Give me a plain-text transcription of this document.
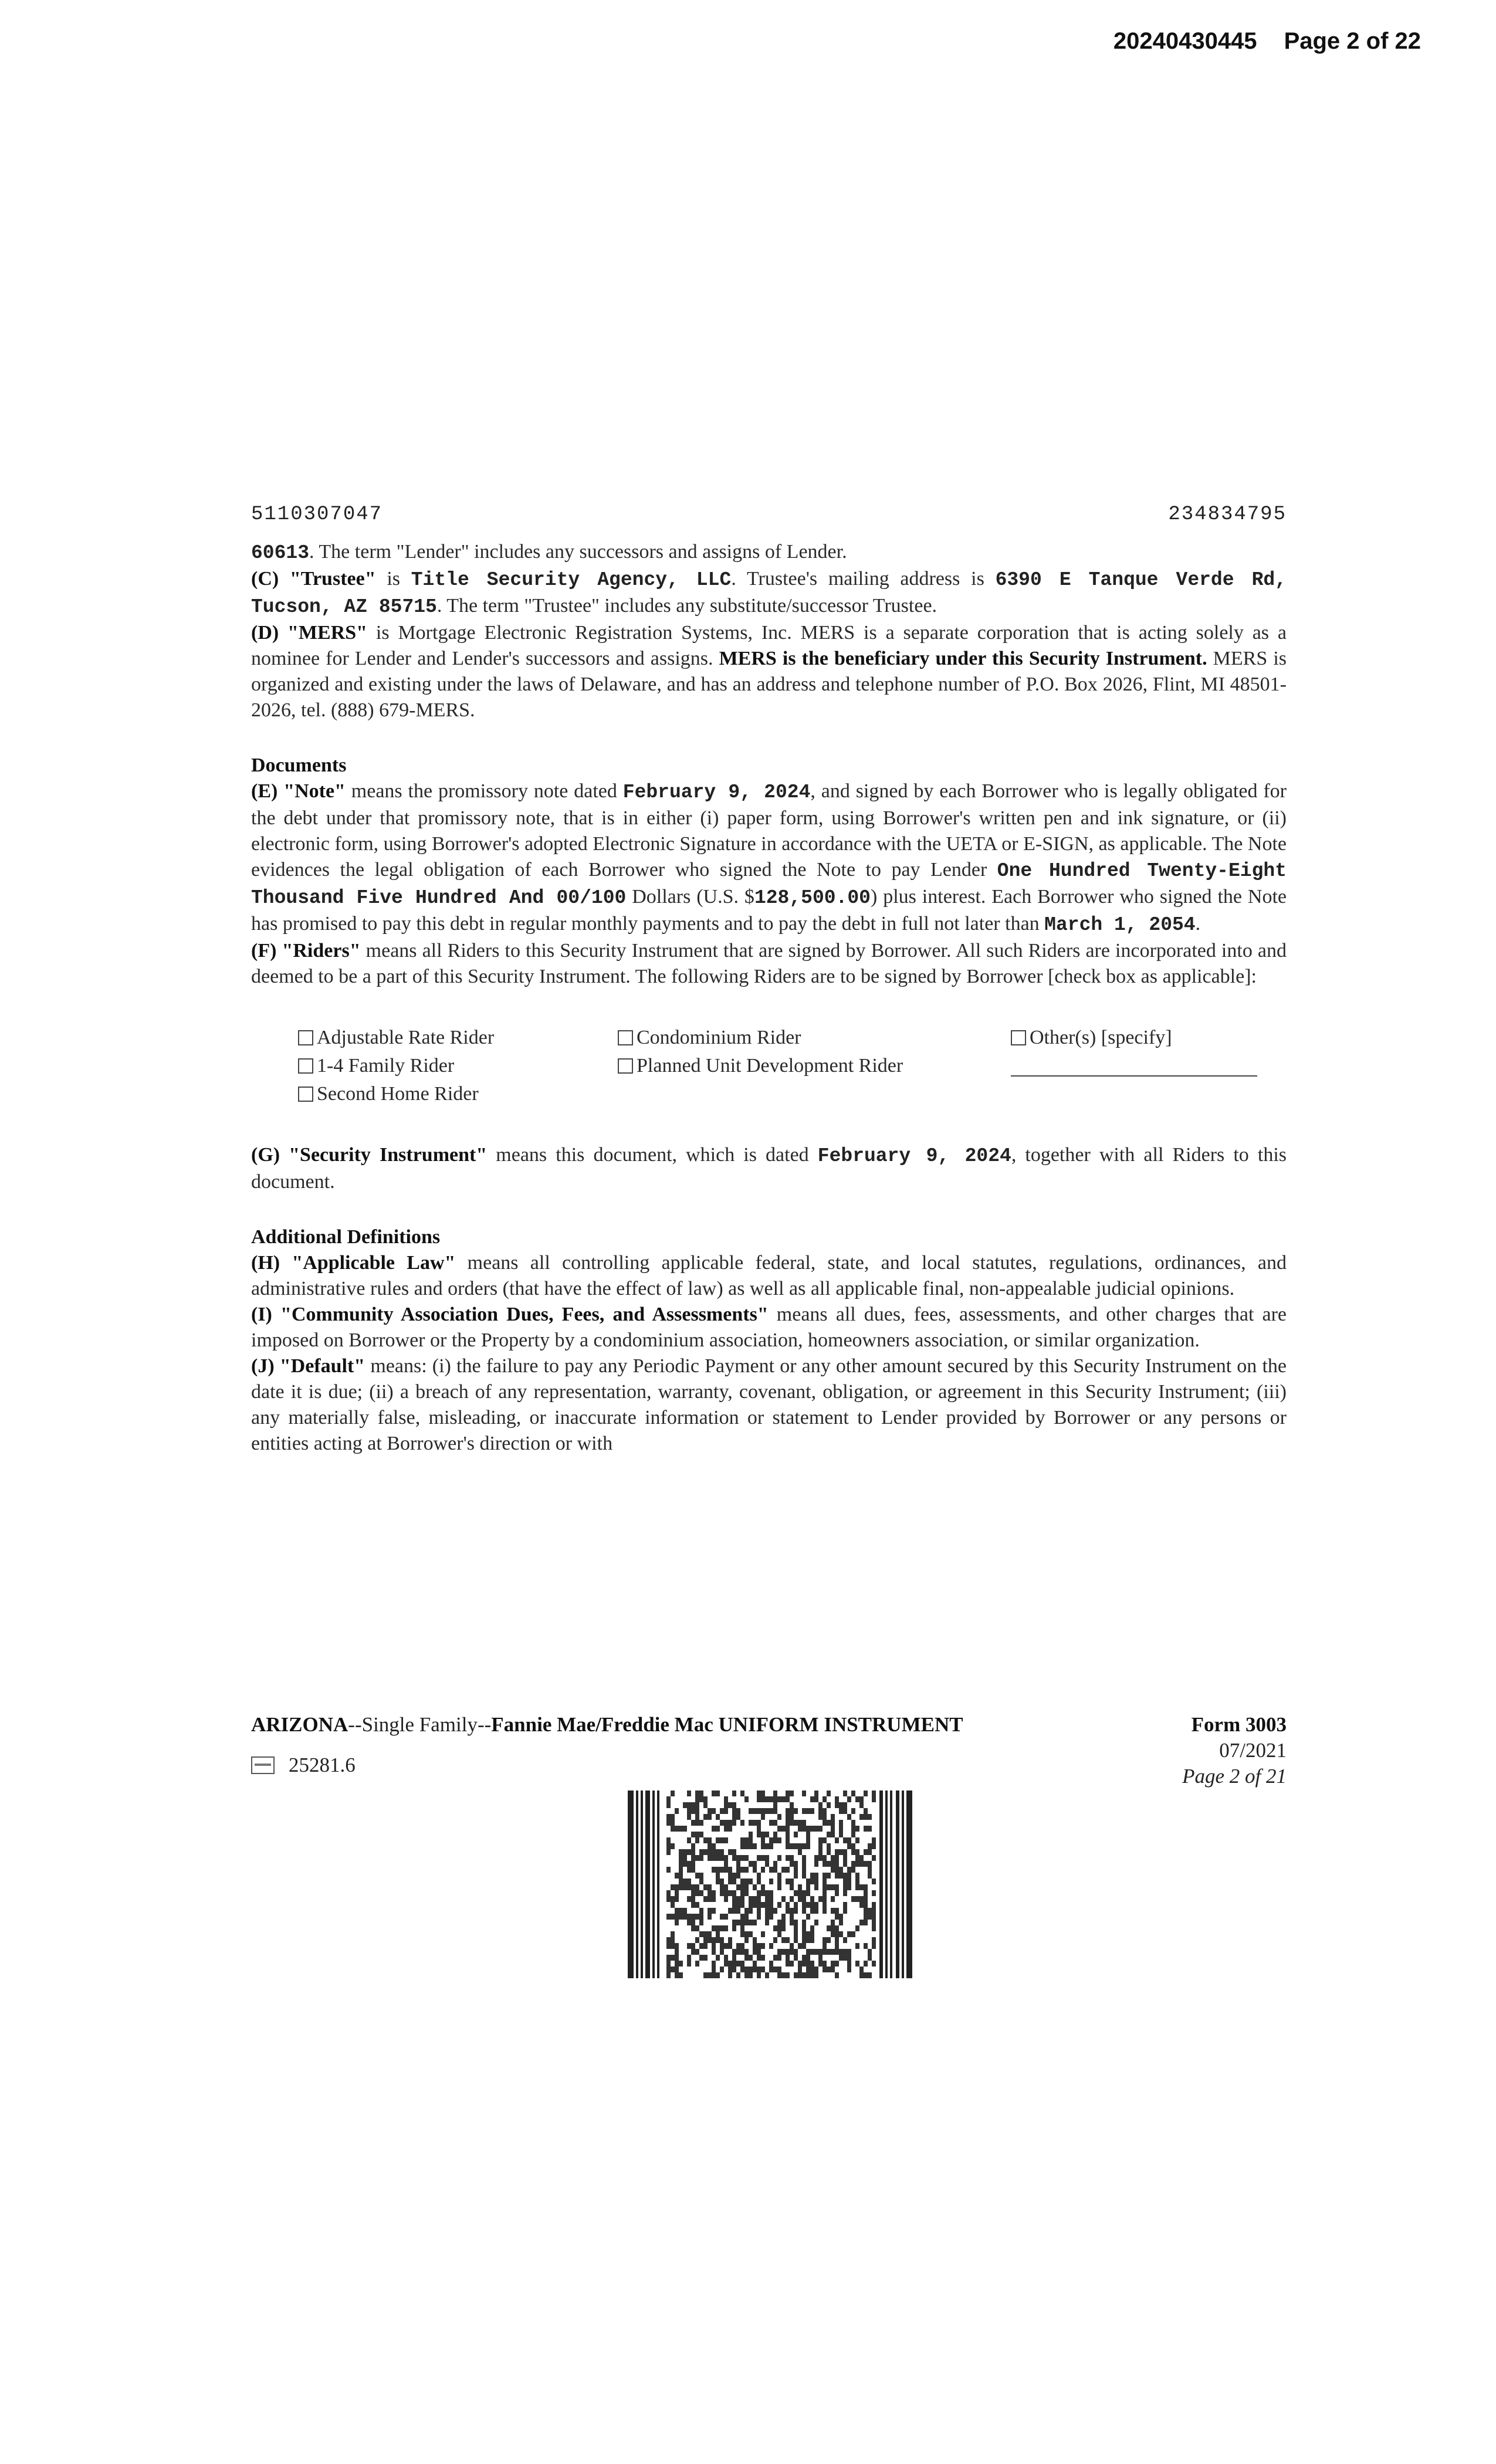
20240430445 Page 2 of 22
5110307047	234834795

60613. The term "Lender" includes any successors and assigns of Lender.

(C) "Trustee" is Title Security Agency, LLC. Trustee's mailing address is 6390 E Tanque Verde Rd, Tucson, AZ 85715. The term "Trustee" includes any substitute/successor Trustee.

(D) "MERS" is Mortgage Electronic Registration Systems, Inc. MERS is a separate corporation that is acting solely as a nominee for Lender and Lender's successors and assigns. MERS is the beneficiary under this Security Instrument. MERS is organized and existing under the laws of Delaware, and has an address and telephone number of P.O. Box 2026, Flint, MI 48501-2026, tel. (888) 679-MERS.

Documents

(E) "Note" means the promissory note dated February 9, 2024, and signed by each Borrower who is legally obligated for the debt under that promissory note, that is in either (i) paper form, using Borrower's written pen and ink signature, or (ii) electronic form, using Borrower's adopted Electronic Signature in accordance with the UETA or E-SIGN, as applicable. The Note evidences the legal obligation of each Borrower who signed the Note to pay Lender One Hundred Twenty-Eight Thousand Five Hundred And 00/100 Dollars (U.S. $128,500.00) plus interest. Each Borrower who signed the Note has promised to pay this debt in regular monthly payments and to pay the debt in full not later than March 1, 2054.

(F) "Riders" means all Riders to this Security Instrument that are signed by Borrower. All such Riders are incorporated into and deemed to be a part of this Security Instrument. The following Riders are to be signed by Borrower [check box as applicable]:

Adjustable Rate Rider	Condominium Rider	Other(s) [specify]
1-4 Family Rider	Planned Unit Development Rider
Second Home Rider

(G) "Security Instrument" means this document, which is dated February 9, 2024, together with all Riders to this document.

Additional Definitions

(H) "Applicable Law" means all controlling applicable federal, state, and local statutes, regulations, ordinances, and administrative rules and orders (that have the effect of law) as well as all applicable final, non-appealable judicial opinions.

(I) "Community Association Dues, Fees, and Assessments" means all dues, fees, assessments, and other charges that are imposed on Borrower or the Property by a condominium association, homeowners association, or similar organization.

(J) "Default" means: (i) the failure to pay any Periodic Payment or any other amount secured by this Security Instrument on the date it is due; (ii) a breach of any representation, warranty, covenant, obligation, or agreement in this Security Instrument; (iii) any materially false, misleading, or inaccurate information or statement to Lender provided by Borrower or any persons or entities acting at Borrower's direction or with

ARIZONA--Single Family--Fannie Mae/Freddie Mac UNIFORM INSTRUMENT	Form 3003
25281.6
07/2021
Page 2 of 21
